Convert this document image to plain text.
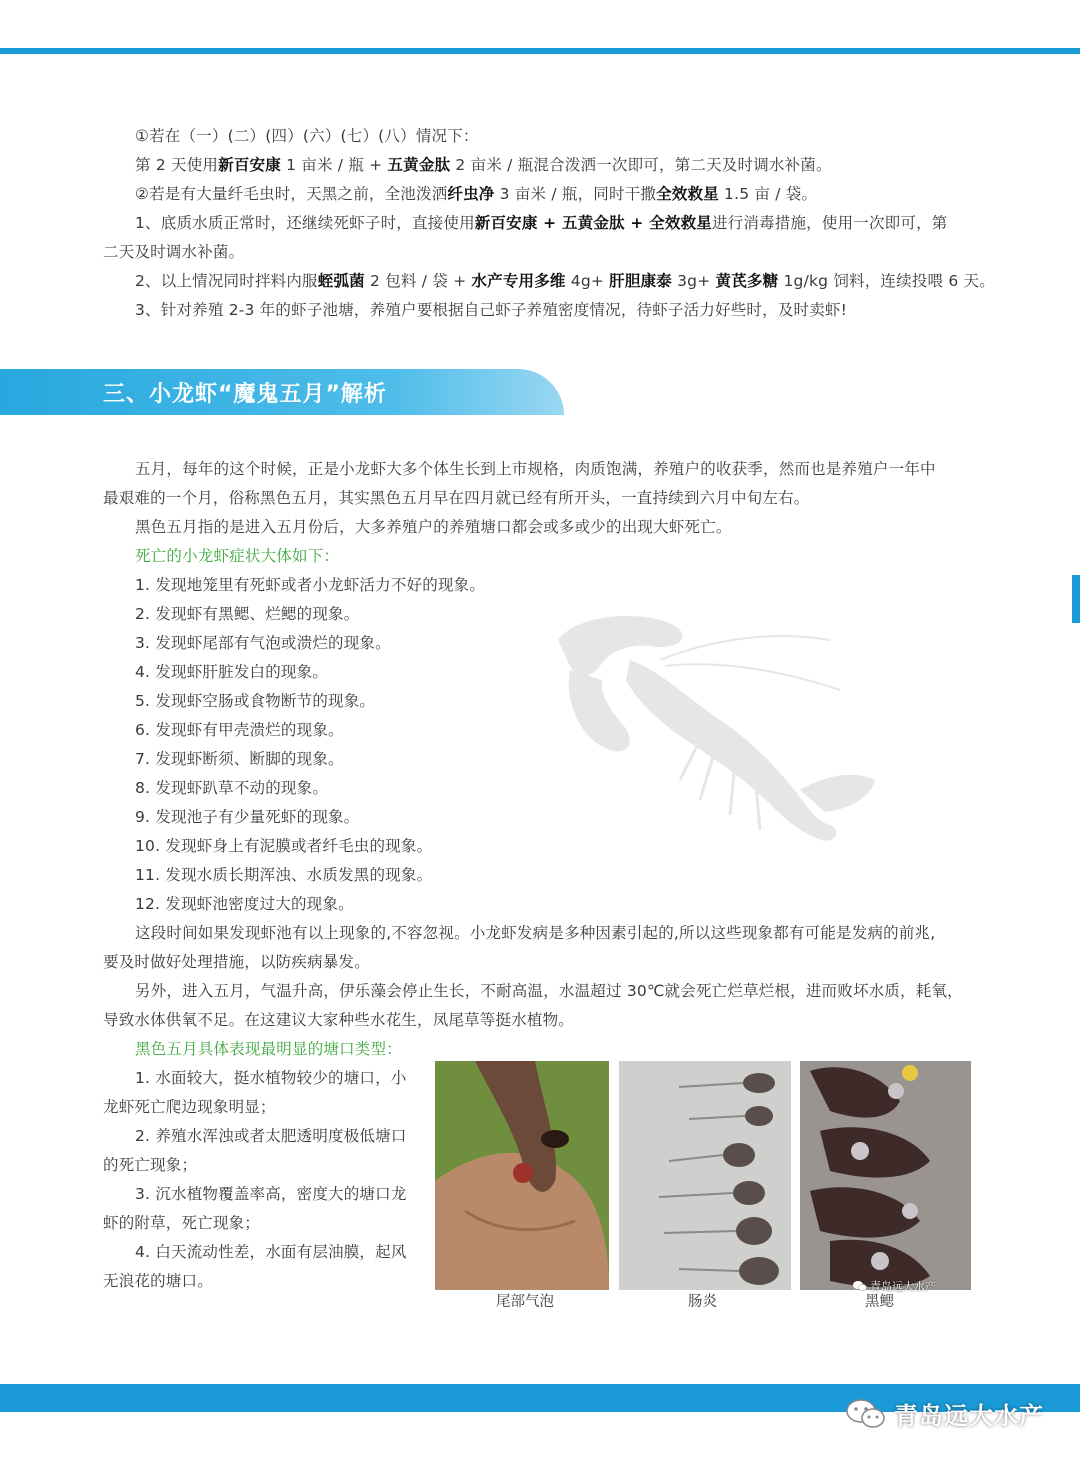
①若在（一）(二）(四）(六）(七）(八）情况下：
第 2 天使用新百安康 1 亩米 / 瓶 + 五黄金肽 2 亩米 / 瓶混合泼洒一次即可，第二天及时调水补菌。
②若是有大量纤毛虫时，天黑之前，全池泼洒纤虫净 3 亩米 / 瓶，同时干撒全效救星 1.5 亩 / 袋。
1、底质水质正常时，还继续死虾子时，直接使用新百安康 + 五黄金肽 + 全效救星进行消毒措施，使用一次即可，第
二天及时调水补菌。
2、以上情况同时拌料内服蛭弧菌 2 包料 / 袋 + 水产专用多维 4g+ 肝胆康泰 3g+ 黄芪多糖 1g/kg 饲料，连续投喂 6 天。
3、针对养殖 2-3 年的虾子池塘，养殖户要根据自己虾子养殖密度情况，待虾子活力好些时，及时卖虾!
三、小龙虾“魔鬼五月”解析
五月，每年的这个时候，正是小龙虾大多个体生长到上市规格，肉质饱满，养殖户的收获季，然而也是养殖户一年中
最艰难的一个月，俗称黑色五月，其实黑色五月早在四月就已经有所开头，一直持续到六月中旬左右。
黑色五月指的是进入五月份后，大多养殖户的养殖塘口都会或多或少的出现大虾死亡。
死亡的小龙虾症状大体如下：
1. 发现地笼里有死虾或者小龙虾活力不好的现象。
2. 发现虾有黑鳃、烂鳃的现象。
3. 发现虾尾部有气泡或溃烂的现象。
4. 发现虾肝脏发白的现象。
5. 发现虾空肠或食物断节的现象。
6. 发现虾有甲壳溃烂的现象。
7. 发现虾断须、断脚的现象。
8. 发现虾趴草不动的现象。
9. 发现池子有少量死虾的现象。
10. 发现虾身上有泥膜或者纤毛虫的现象。
11. 发现水质长期浑浊、水质发黑的现象。
12. 发现虾池密度过大的现象。
这段时间如果发现虾池有以上现象的,不容忽视。小龙虾发病是多种因素引起的,所以这些现象都有可能是发病的前兆,
要及时做好处理措施，以防疾病暴发。
另外，进入五月，气温升高，伊乐藻会停止生长，不耐高温，水温超过 30℃就会死亡烂草烂根，进而败坏水质，耗氧，
导致水体供氧不足。在这建议大家种些水花生，凤尾草等挺水植物。
黑色五月具体表现最明显的塘口类型：
1. 水面较大，挺水植物较少的塘口，小
龙虾死亡爬边现象明显；
2. 养殖水浑浊或者太肥透明度极低塘口
的死亡现象；
3. 沉水植物覆盖率高，密度大的塘口龙
虾的附草，死亡现象；
4. 白天流动性差，水面有层油膜，起风
无浪花的塘口。	青岛远大水产
尾部气泡	肠炎	黑鳃
青岛远大水产
